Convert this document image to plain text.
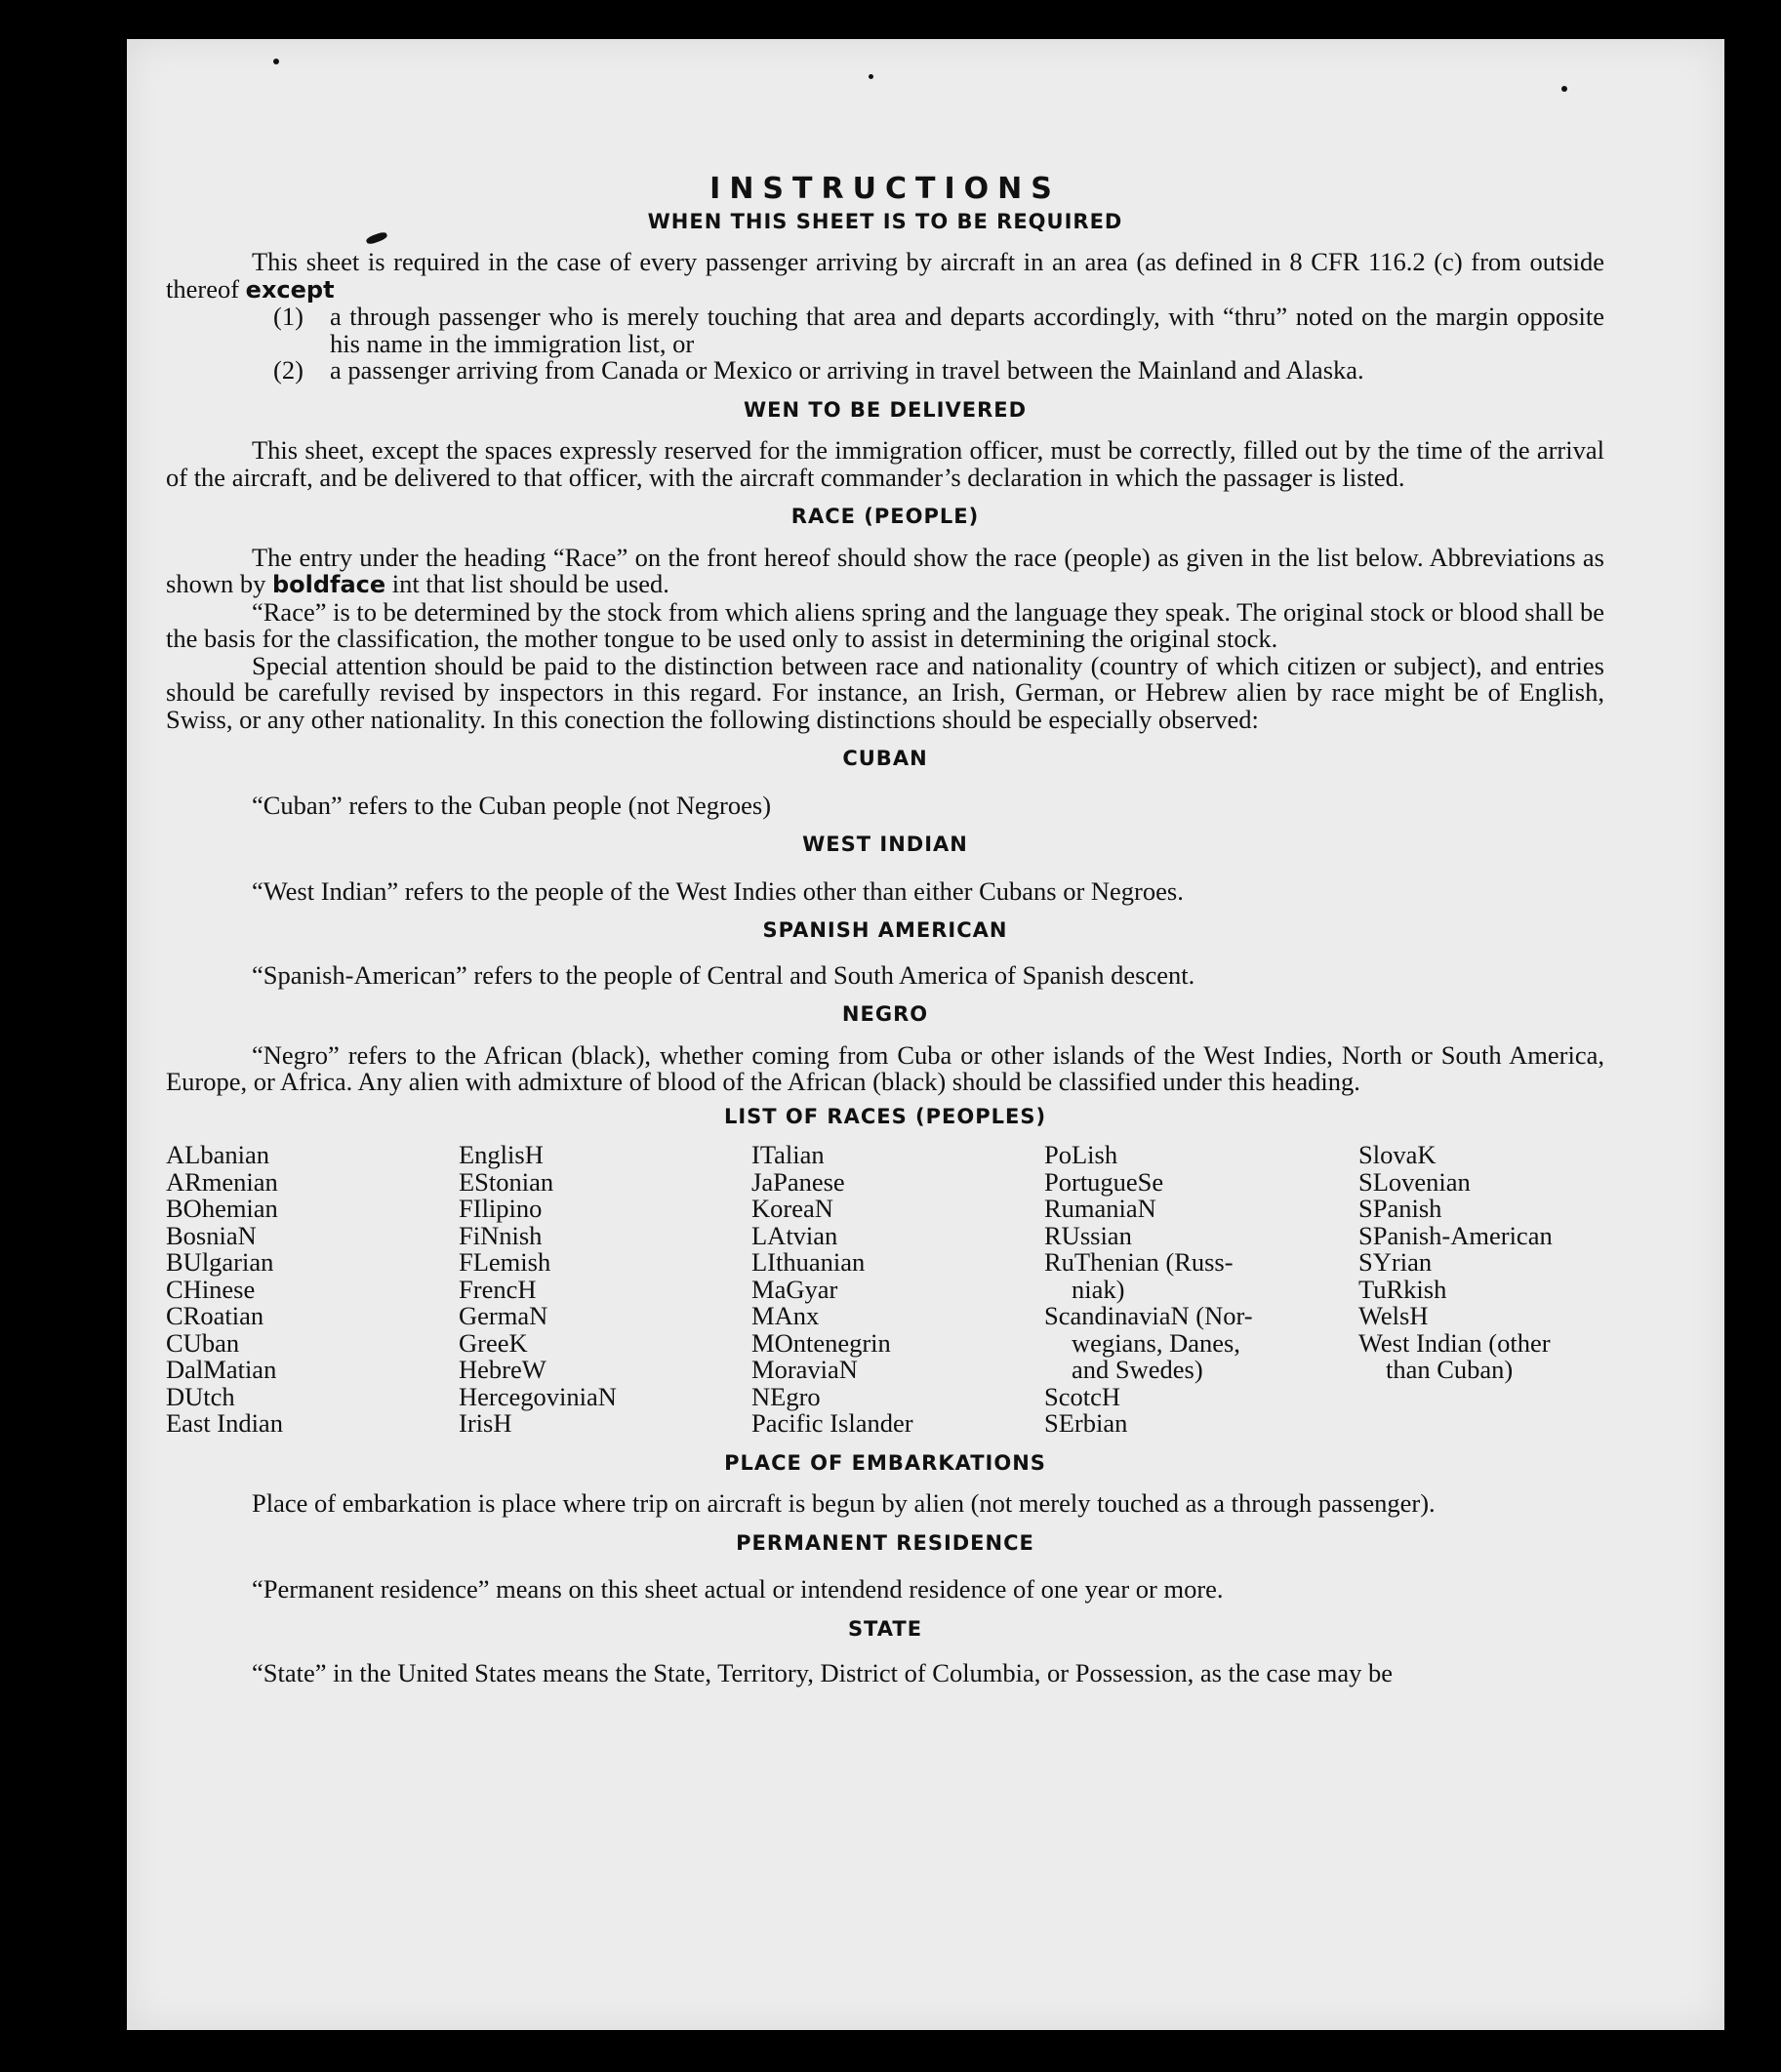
INSTRUCTIONS
WHEN THIS SHEET IS TO BE REQUIRED

This sheet is required in the case of every passenger arriving by aircraft in an area (as defined in 8 CFR 116.2 (c) from outside thereof except

(1)	a through passenger who is merely touching that area and departs accordingly, with “thru” noted on the margin opposite his name in the immigration list, or
(2)	a passenger arriving from Canada or Mexico or arriving in travel between the Mainland and Alaska.
WEN TO BE DELIVERED

This sheet, except the spaces expressly reserved for the immigration officer, must be correctly, filled out by the time of the arrival of the aircraft, and be delivered to that officer, with the aircraft commander’s declaration in which the passager is listed.

RACE (PEOPLE)

The entry under the heading “Race” on the front hereof should show the race (people) as given in the list below. Abbreviations as shown by boldface int that list should be used.

“Race” is to be determined by the stock from which aliens spring and the language they speak. The original stock or blood shall be the basis for the classification, the mother tongue to be used only to assist in determining the original stock.

Special attention should be paid to the distinction between race and nationality (country of which citizen or subject), and entries should be carefully revised by inspectors in this regard. For instance, an Irish, German, or Hebrew alien by race might be of English, Swiss, or any other nationality. In this conection the following distinctions should be especially observed:

CUBAN

“Cuban” refers to the Cuban people (not Negroes)

WEST INDIAN

“West Indian” refers to the people of the West Indies other than either Cubans or Negroes.

SPANISH AMERICAN

“Spanish-American” refers to the people of Central and South America of Spanish descent.

NEGRO

“Negro” refers to the African (black), whether coming from Cuba or other islands of the West Indies, North or South America, Europe, or Africa. Any alien with admixture of blood of the African (black) should be classified under this heading.

LIST OF RACES (PEOPLES)
ALbanian
ARmenian
BOhemian
BosniaN
BUlgarian
CHinese
CRoatian
CUban
DalMatian
DUtch
East Indian
EnglisH
EStonian
FIlipino
FiNnish
FLemish
FrencH
GermaN
GreeK
HebreW
HercegoviniaN
IrisH
ITalian
JaPanese
KoreaN
LAtvian
LIthuanian
MaGyar
MAnx
MOntenegrin
MoraviaN
NEgro
Pacific Islander
PoLish
PortugueSe
RumaniaN
RUssian
RuThenian (Russ-
niak)
ScandinaviaN (Nor-
wegians, Danes,
and Swedes)
ScotcH
SErbian
SlovaK
SLovenian
SPanish
SPanish-American
SYrian
TuRkish
WelsH
West Indian (other
than Cuban)
PLACE OF EMBARKATIONS

Place of embarkation is place where trip on aircraft is begun by alien (not merely touched as a through passenger).

PERMANENT RESIDENCE

“Permanent residence” means on this sheet actual or intendend residence of one year or more.

STATE

“State” in the United States means the State, Territory, District of Columbia, or Possession, as the case may be
